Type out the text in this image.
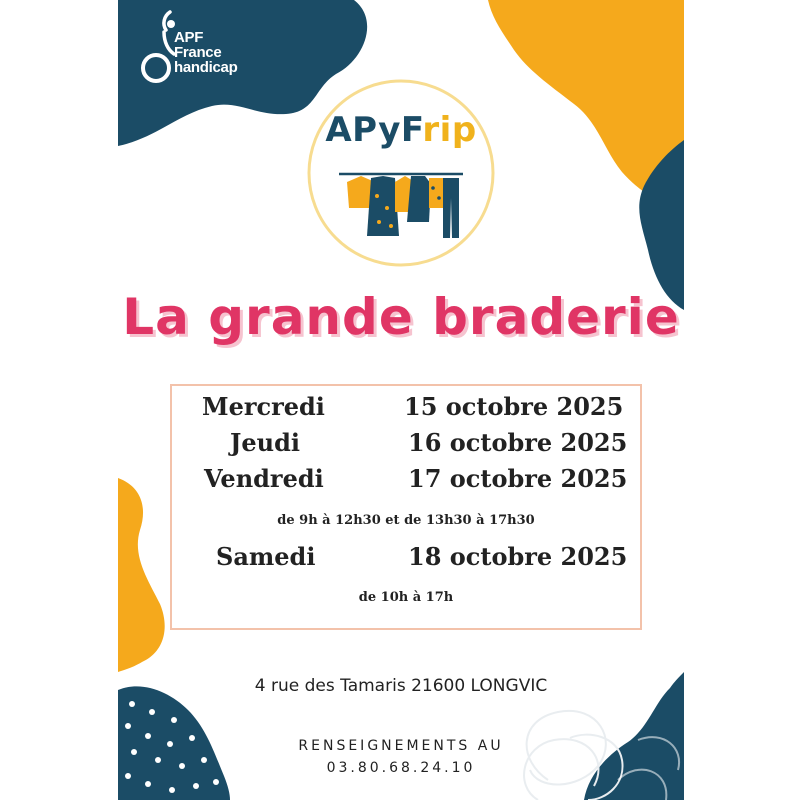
APF
France
handicap
APyFrip
La grande braderie
Mercredi	15 octobre 2025
Jeudi	16 octobre 2025
Vendredi	17 octobre 2025
de 9h à 12h30 et de 13h30 à 17h30
Samedi	18 octobre 2025
de 10h à 17h
4 rue des Tamaris 21600 LONGVIC
RENSEIGNEMENTS AU
03.80.68.24.10
